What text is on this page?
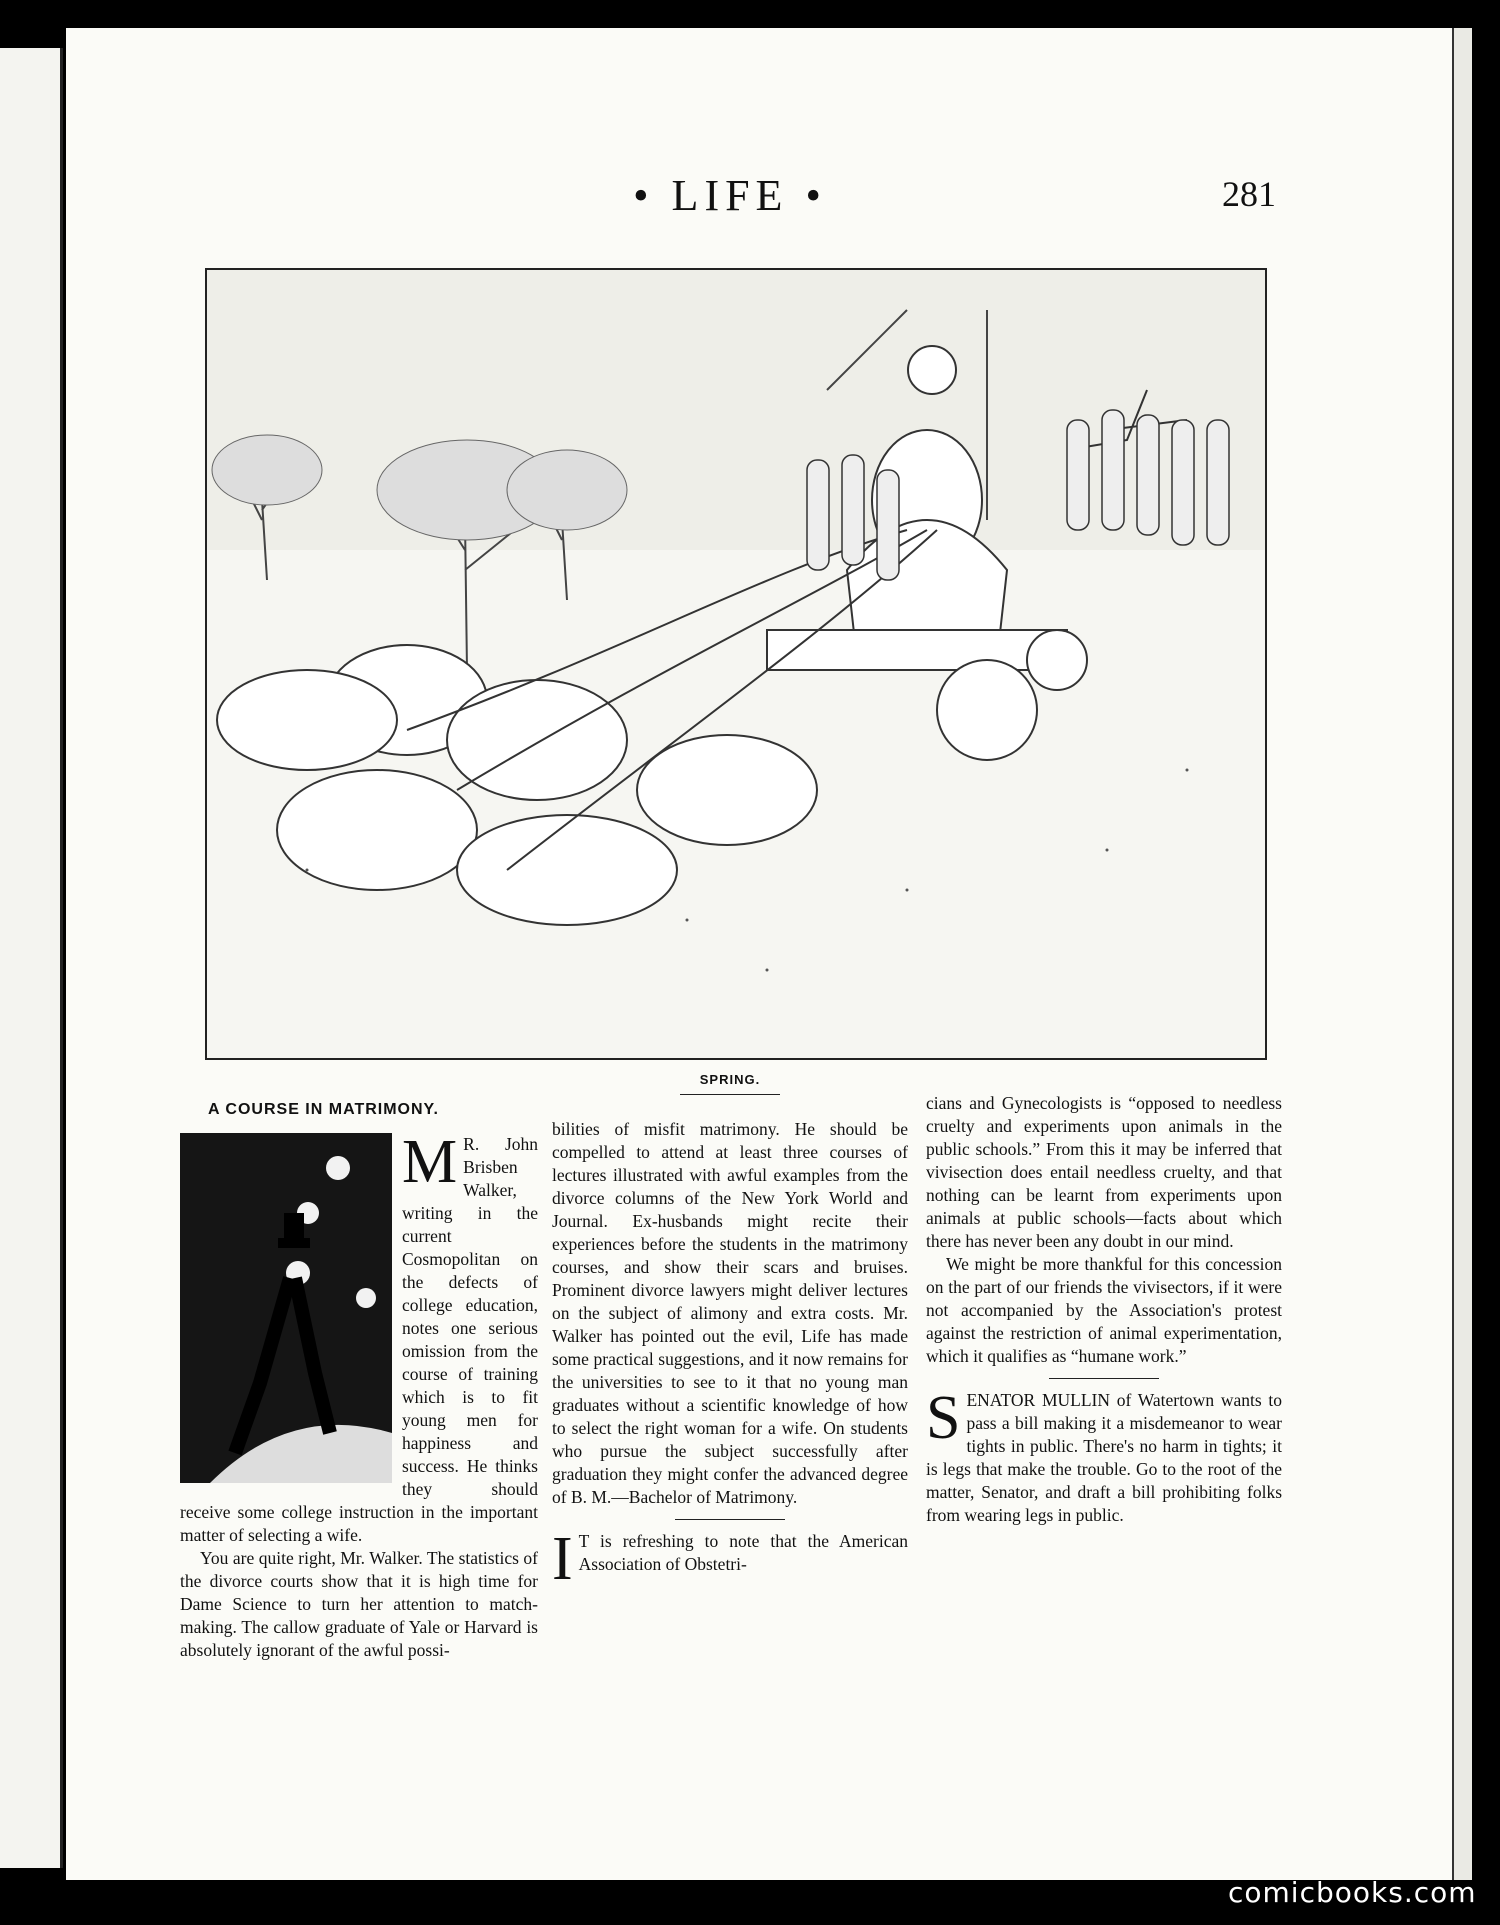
• LIFE •	281
SPRING.
A COURSE IN MATRIMONY.
M R. John Brisben Walker, writing in the current Cosmopolitan on the defects of college education, notes one serious omission from the course of training which is to fit young men for happiness and success. He thinks they should receive some college instruction in the important matter of selecting a wife.

You are quite right, Mr. Walker. The statistics of the divorce courts show that it is high time for Dame Science to turn her attention to match-making. The callow graduate of Yale or Harvard is absolutely ignorant of the awful possi-

bilities of misfit matrimony. He should be compelled to attend at least three courses of lectures illustrated with awful examples from the divorce columns of the New York World and Journal. Ex-husbands might recite their experiences before the students in the matrimony courses, and show their scars and bruises. Prominent divorce lawyers might deliver lectures on the subject of alimony and extra costs. Mr. Walker has pointed out the evil, Life has made some practical suggestions, and it now remains for the universities to see to it that no young man graduates without a scientific knowledge of how to select the right woman for a wife. On students who pursue the subject successfully after graduation they might confer the advanced degree of B. M.—Bachelor of Matrimony.

I T is refreshing to note that the American Association of Obstetri-

cians and Gynecologists is “opposed to needless cruelty and experiments upon animals in the public schools.” From this it may be inferred that vivisection does entail needless cruelty, and that nothing can be learnt from experiments upon animals at public schools—facts about which there has never been any doubt in our mind.

We might be more thankful for this concession on the part of our friends the vivisectors, if it were not accompanied by the Association's protest against the restriction of animal experimentation, which it qualifies as “humane work.”

S ENATOR MULLIN of Watertown wants to pass a bill making it a misdemeanor to wear tights in public. There's no harm in tights; it is legs that make the trouble. Go to the root of the matter, Senator, and draft a bill prohibiting folks from wearing legs in public.

comicbooks.com
